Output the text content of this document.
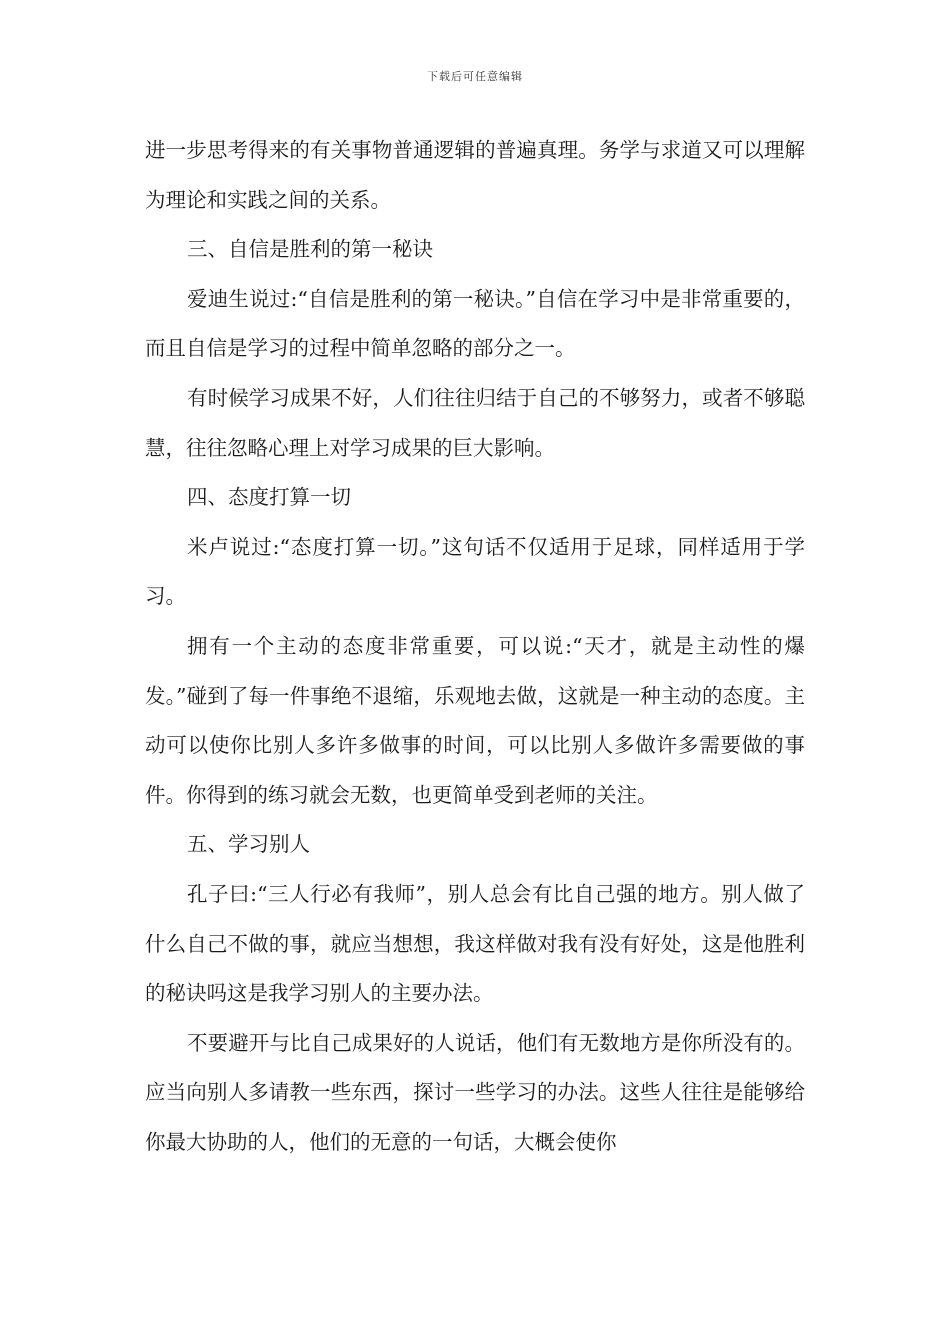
下载后可任意编辑

进一步思考得来的有关事物普通逻辑的普遍真理。务学与求道又可以理解为理论和实践之间的关系。

三、自信是胜利的第一秘诀

爱迪生说过:“自信是胜利的第一秘诀。”自信在学习中是非常重要的，而且自信是学习的过程中简单忽略的部分之一。

有时候学习成果不好，人们往往归结于自己的不够努力，或者不够聪慧，往往忽略心理上对学习成果的巨大影响。

四、态度打算一切

米卢说过:“态度打算一切。”这句话不仅适用于足球，同样适用于学习。

拥有一个主动的态度非常重要，可以说:“天才，就是主动性的爆发。”碰到了每一件事绝不退缩，乐观地去做，这就是一种主动的态度。主动可以使你比别人多许多做事的时间，可以比别人多做许多需要做的事件。你得到的练习就会无数，也更简单受到老师的关注。

五、学习别人

孔子曰:“三人行必有我师”，别人总会有比自己强的地方。别人做了什么自己不做的事，就应当想想，我这样做对我有没有好处，这是他胜利的秘诀吗这是我学习别人的主要办法。

不要避开与比自己成果好的人说话，他们有无数地方是你所没有的。应当向别人多请教一些东西，探讨一些学习的办法。这些人往往是能够给你最大协助的人，他们的无意的一句话，大概会使你
